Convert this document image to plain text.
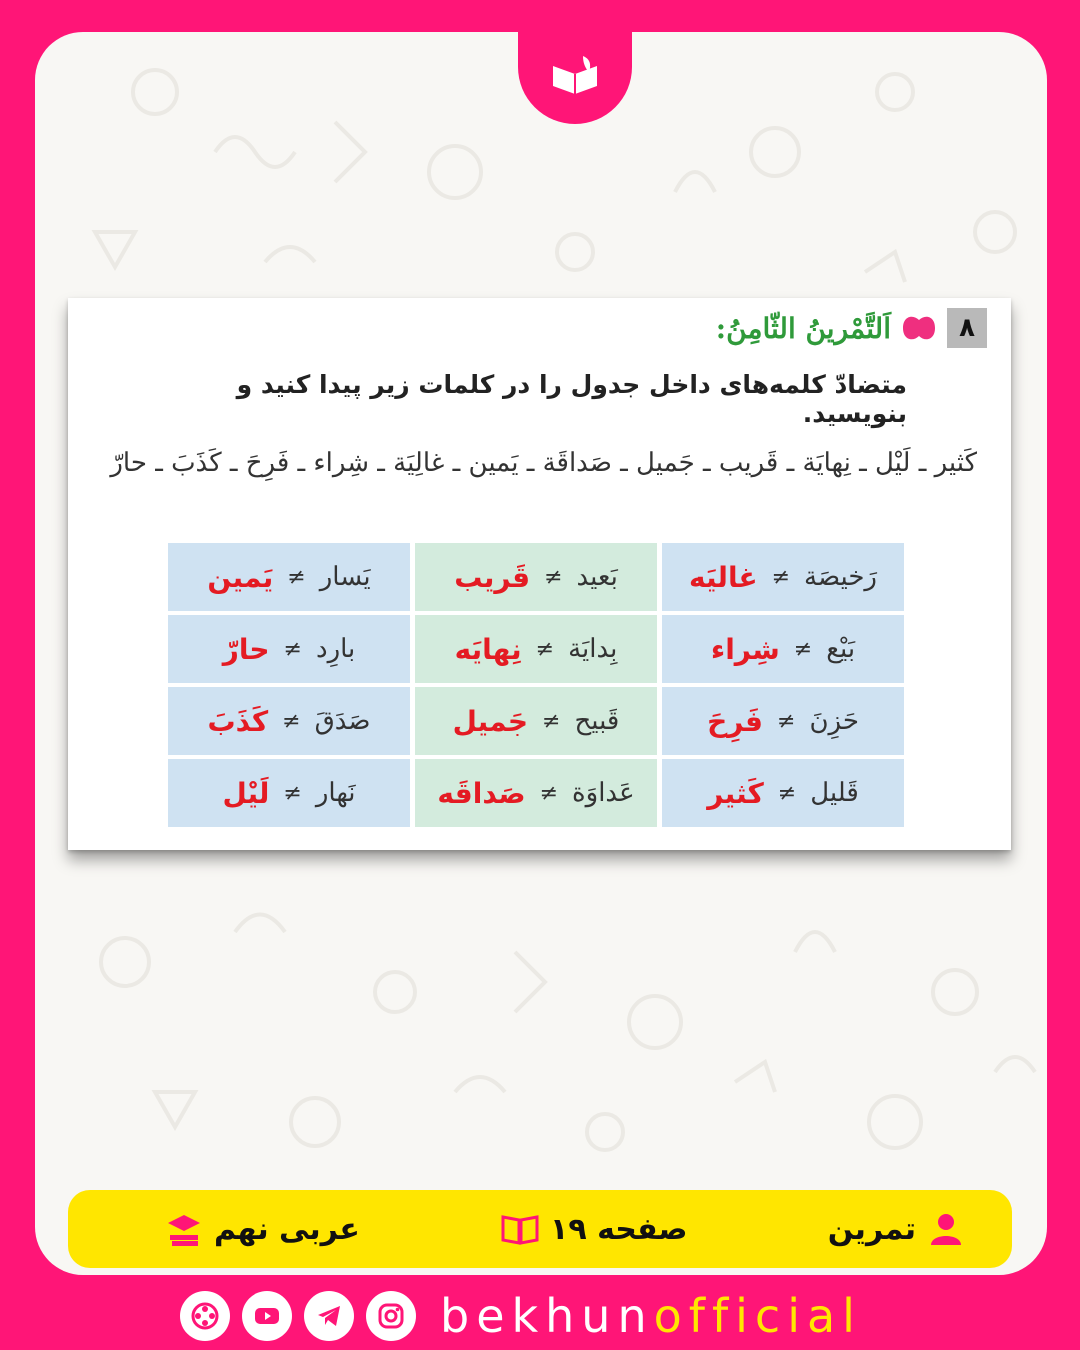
۸
اَلتَّمْرينُ الثّامِنُ:
متضادّ کلمه‌های داخل جدول را در کلمات زیر پیدا کنید و بنویسید.
كَثير ـ لَيْل ـ نِهايَة ـ قَريب ـ جَميل ـ صَداقَة ـ يَمين ـ غالِيَة ـ شِراء ـ فَرِحَ ـ كَذَبَ ـ حارّ
رَخيصَة
≠
غاليَه
بَعيد
≠
قَريب
يَسار
≠
يَمين
بَيْع
≠
شِراء
بِدايَة
≠
نِهايَه
بارِد
≠
حارّ
حَزِنَ
≠
فَرِحَ
قَبيح
≠
جَميل
صَدَقَ
≠
كَذَبَ
قَليل
≠
كَثير
عَداوَة
≠
صَداقَه
نَهار
≠
لَيْل
عربی نهم	صفحه ۱۹	تمرین
bekhunofficial
